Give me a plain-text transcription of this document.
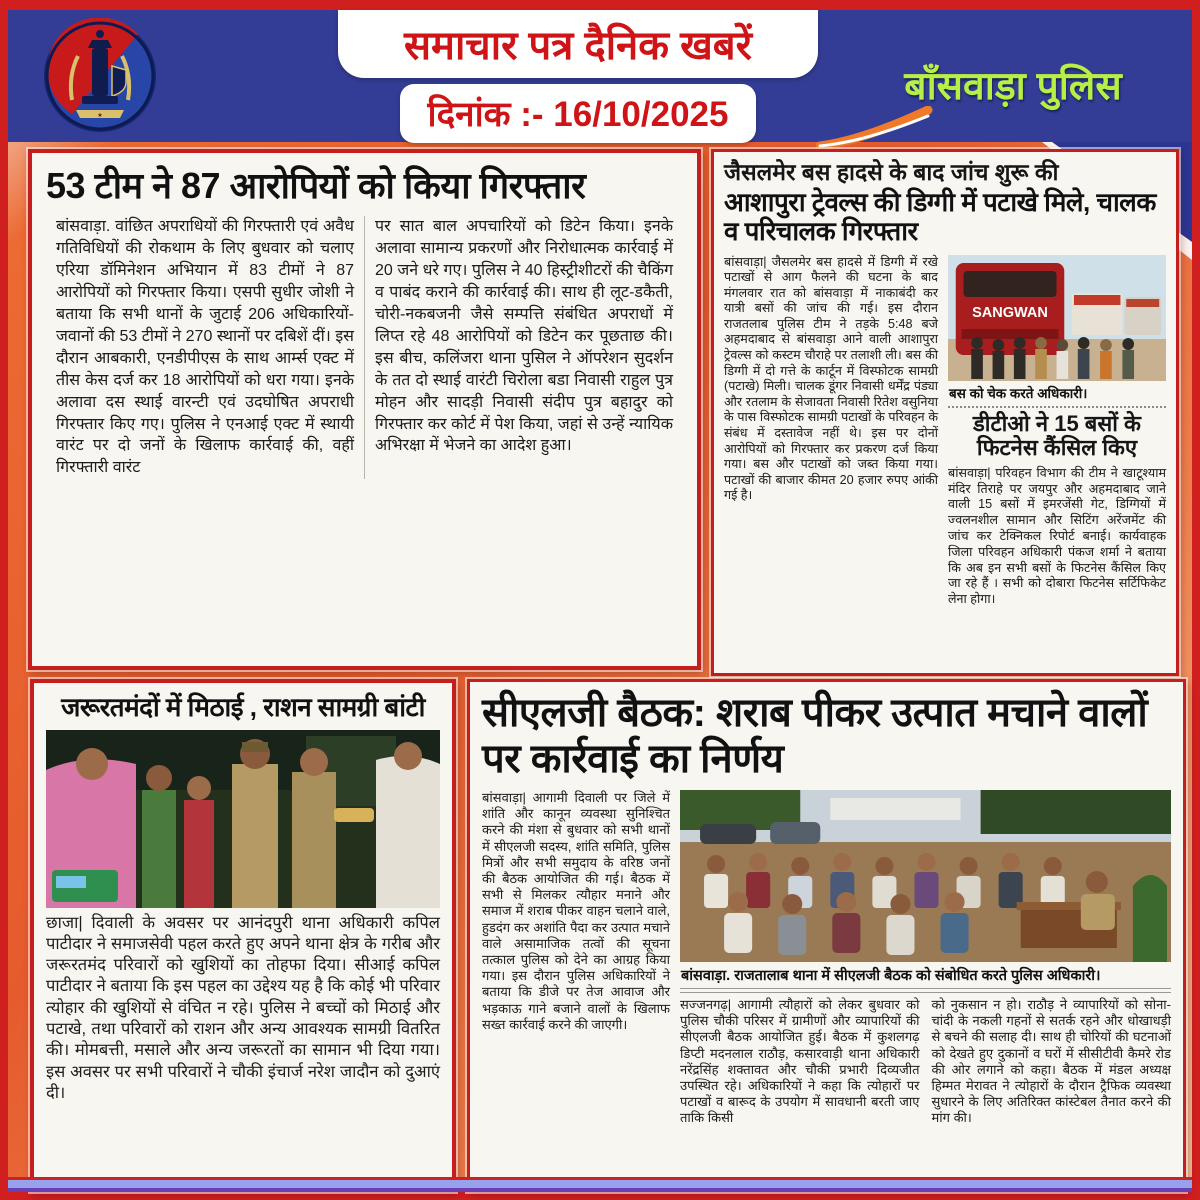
★
समाचार पत्र दैनिक खबरें
दिनांक :- 16/10/2025
बाँसवाड़ा पुलिस
53 टीम ने 87 आरोपियों को किया गिरफ्तार
बांसवाड़ा. वांछित अपराधियों की गिरफ्तारी एवं अवैध गतिविधियों की रोकथाम के लिए बुधवार को चलाए एरिया डॉमिनेशन अभियान में 83 टीमों ने 87 आरोपियों को गिरफ्तार किया। एसपी सुधीर जोशी ने बताया कि सभी थानों के जुटाई 206 अधिकारियों-जवानों की 53 टीमों ने 270 स्थानों पर दबिशें दीं। इस दौरान आबकारी, एनडीपीएस के साथ आर्म्स एक्ट में तीस केस दर्ज कर 18 आरोपियों को धरा गया। इनके अलावा दस स्थाई वारन्टी एवं उदघोषित अपराधी गिरफ्तार किए गए। पुलिस ने एनआई एक्ट में स्थायी वारंट पर दो जनों के खिलाफ कार्रवाई की, वहीं गिरफ्तारी वारंट
पर सात बाल अपचारियों को डिटेन किया। इनके अलावा सामान्य प्रकरणों और निरोधात्मक कार्रवाई में 20 जने धरे गए। पुलिस ने 40 हिस्ट्रीशीटरों की चैकिंग व पाबंद कराने की कार्रवाई की। साथ ही लूट-डकैती, चोरी-नकबजनी जैसे सम्पत्ति संबंधित अपराधों में लिप्त रहे 48 आरोपियों को डिटेन कर पूछताछ की। इस बीच, कलिंजरा थाना पुसिल ने ऑपरेशन सुदर्शन के तत दो स्थाई वारंटी चिरोला बडा निवासी राहुल पुत्र मोहन और सादड़ी निवासी संदीप पुत्र बहादुर को गिरफ्तार कर कोर्ट में पेश किया, जहां से उन्हें न्यायिक अभिरक्षा में भेजने का आदेश हुआ।
जैसलमेर बस हादसे के बाद जांच शुरू की
आशापुरा ट्रेवल्स की डिग्गी में पटाखे मिले, चालक व परिचालक गिरफ्तार
बांसवाड़ा| जैसलमेर बस हादसे में डिग्गी में रखे पटाखों से आग फैलने की घटना के बाद मंगलवार रात को बांसवाड़ा में नाकाबंदी कर यात्री बसों की जांच की गई। इस दौरान राजतलाब पुलिस टीम ने तड़के 5:48 बजे अहमदाबाद से बांसवाड़ा आने वाली आशापुरा ट्रेवल्स को कस्टम चौराहे पर तलाशी ली। बस की डिग्गी में दो गत्ते के कार्टून में विस्फोटक सामग्री (पटाखे) मिली। चालक डूंगर निवासी धर्मेंद्र पंड्या और रतलाम के सेजावता निवासी रितेश वसुनिया के पास विस्फोटक सामग्री पटाखों के परिवहन के संबंध में दस्तावेज नहीं थे। इस पर दोनों आरोपियों को गिरफ्तार कर प्रकरण दर्ज किया गया। बस और पटाखों को जब्त किया गया। पटाखों की बाजार कीमत 20 हजार रुपए आंकी गई है।
SANGWAN
बस को चेक करते अधिकारी।
डीटीओ ने 15 बसों के फिटनेस कैंसिल किए
बांसवाड़ा| परिवहन विभाग की टीम ने खाटूश्याम मंदिर तिराहे पर जयपुर और अहमदाबाद जाने वाली 15 बसों में इमरजेंसी गेट, डिग्गियों में ज्वलनशील सामान और सिटिंग अरेंजमेंट की जांच कर टेक्निकल रिपोर्ट बनाई। कार्यवाहक जिला परिवहन अधिकारी पंकज शर्मा ने बताया कि अब इन सभी बसों के फिटनेस कैंसिल किए जा रहे हैं । सभी को दोबारा फिटनेस सर्टिफिकेट लेना होगा।
जरूरतमंदों में मिठाई , राशन सामग्री बांटी
छाजा| दिवाली के अवसर पर आनंदपुरी थाना अधिकारी कपिल पाटीदार ने समाजसेवी पहल करते हुए अपने थाना क्षेत्र के गरीब और जरूरतमंद परिवारों को खुशियों का तोहफा दिया। सीआई कपिल पाटीदार ने बताया कि इस पहल का उद्देश्य यह है कि कोई भी परिवार त्योहार की खुशियों से वंचित न रहे। पुलिस ने बच्चों को मिठाई और पटाखे, तथा परिवारों को राशन और अन्य आवश्यक सामग्री वितरित की। मोमबत्ती, मसाले और अन्य जरूरतों का सामान भी दिया गया। इस अवसर पर सभी परिवारों ने चौकी इंचार्ज नरेश जादौन को दुआएं दी।
सीएलजी बैठक: शराब पीकर उत्पात मचाने वालों पर कार्रवाई का निर्णय
बांसवाड़ा| आगामी दिवाली पर जिले में शांति और कानून व्यवस्था सुनिश्चित करने की मंशा से बुधवार को सभी थानों में सीएलजी सदस्य, शांति समिति, पुलिस मित्रों और सभी समुदाय के वरिष्ठ जनों की बैठक आयोजित की गई। बैठक में सभी से मिलकर त्यौहार मनाने और समाज में शराब पीकर वाहन चलाने वाले, हुडदंग कर अशांति पैदा कर उत्पात मचाने वाले असामाजिक तत्वों की सूचना तत्काल पुलिस को देने का आग्रह किया गया। इस दौरान पुलिस अधिकारियों ने बताया कि डीजे पर तेज आवाज और भड़काऊ गाने बजाने वालों के खिलाफ सख्त कार्रवाई करने की जाएगी।
बांसवाड़ा. राजतालाब थाना में सीएलजी बैठक को संबोधित करते पुलिस अधिकारी।
सज्जनगढ़| आगामी त्यौहारों को लेकर बुधवार को पुलिस चौकी परिसर में ग्रामीणों और व्यापारियों की सीएलजी बैठक आयोजित हुई। बैठक में कुशलगढ़ डिप्टी मदनलाल राठौड़, कसारवाड़ी थाना अधिकारी नरेंद्रसिंह शक्तावत और चौकी प्रभारी दिव्यजीत उपस्थित रहे। अधिकारियों ने कहा कि त्योहारों पर पटाखों व बारूद के उपयोग में सावधानी बरती जाए ताकि किसी
को नुकसान न हो। राठौड़ ने व्यापारियों को सोना-चांदी के नकली गहनों से सतर्क रहने और धोखाधड़ी से बचने की सलाह दी। साथ ही चोरियों की घटनाओं को देखते हुए दुकानों व घरों में सीसीटीवी कैमरे रोड की ओर लगाने को कहा। बैठक में मंडल अध्यक्ष हिम्मत मेरावत ने त्योहारों के दौरान ट्रैफिक व्यवस्था सुधारने के लिए अतिरिक्त कांस्टेबल तैनात करने की मांग की।
